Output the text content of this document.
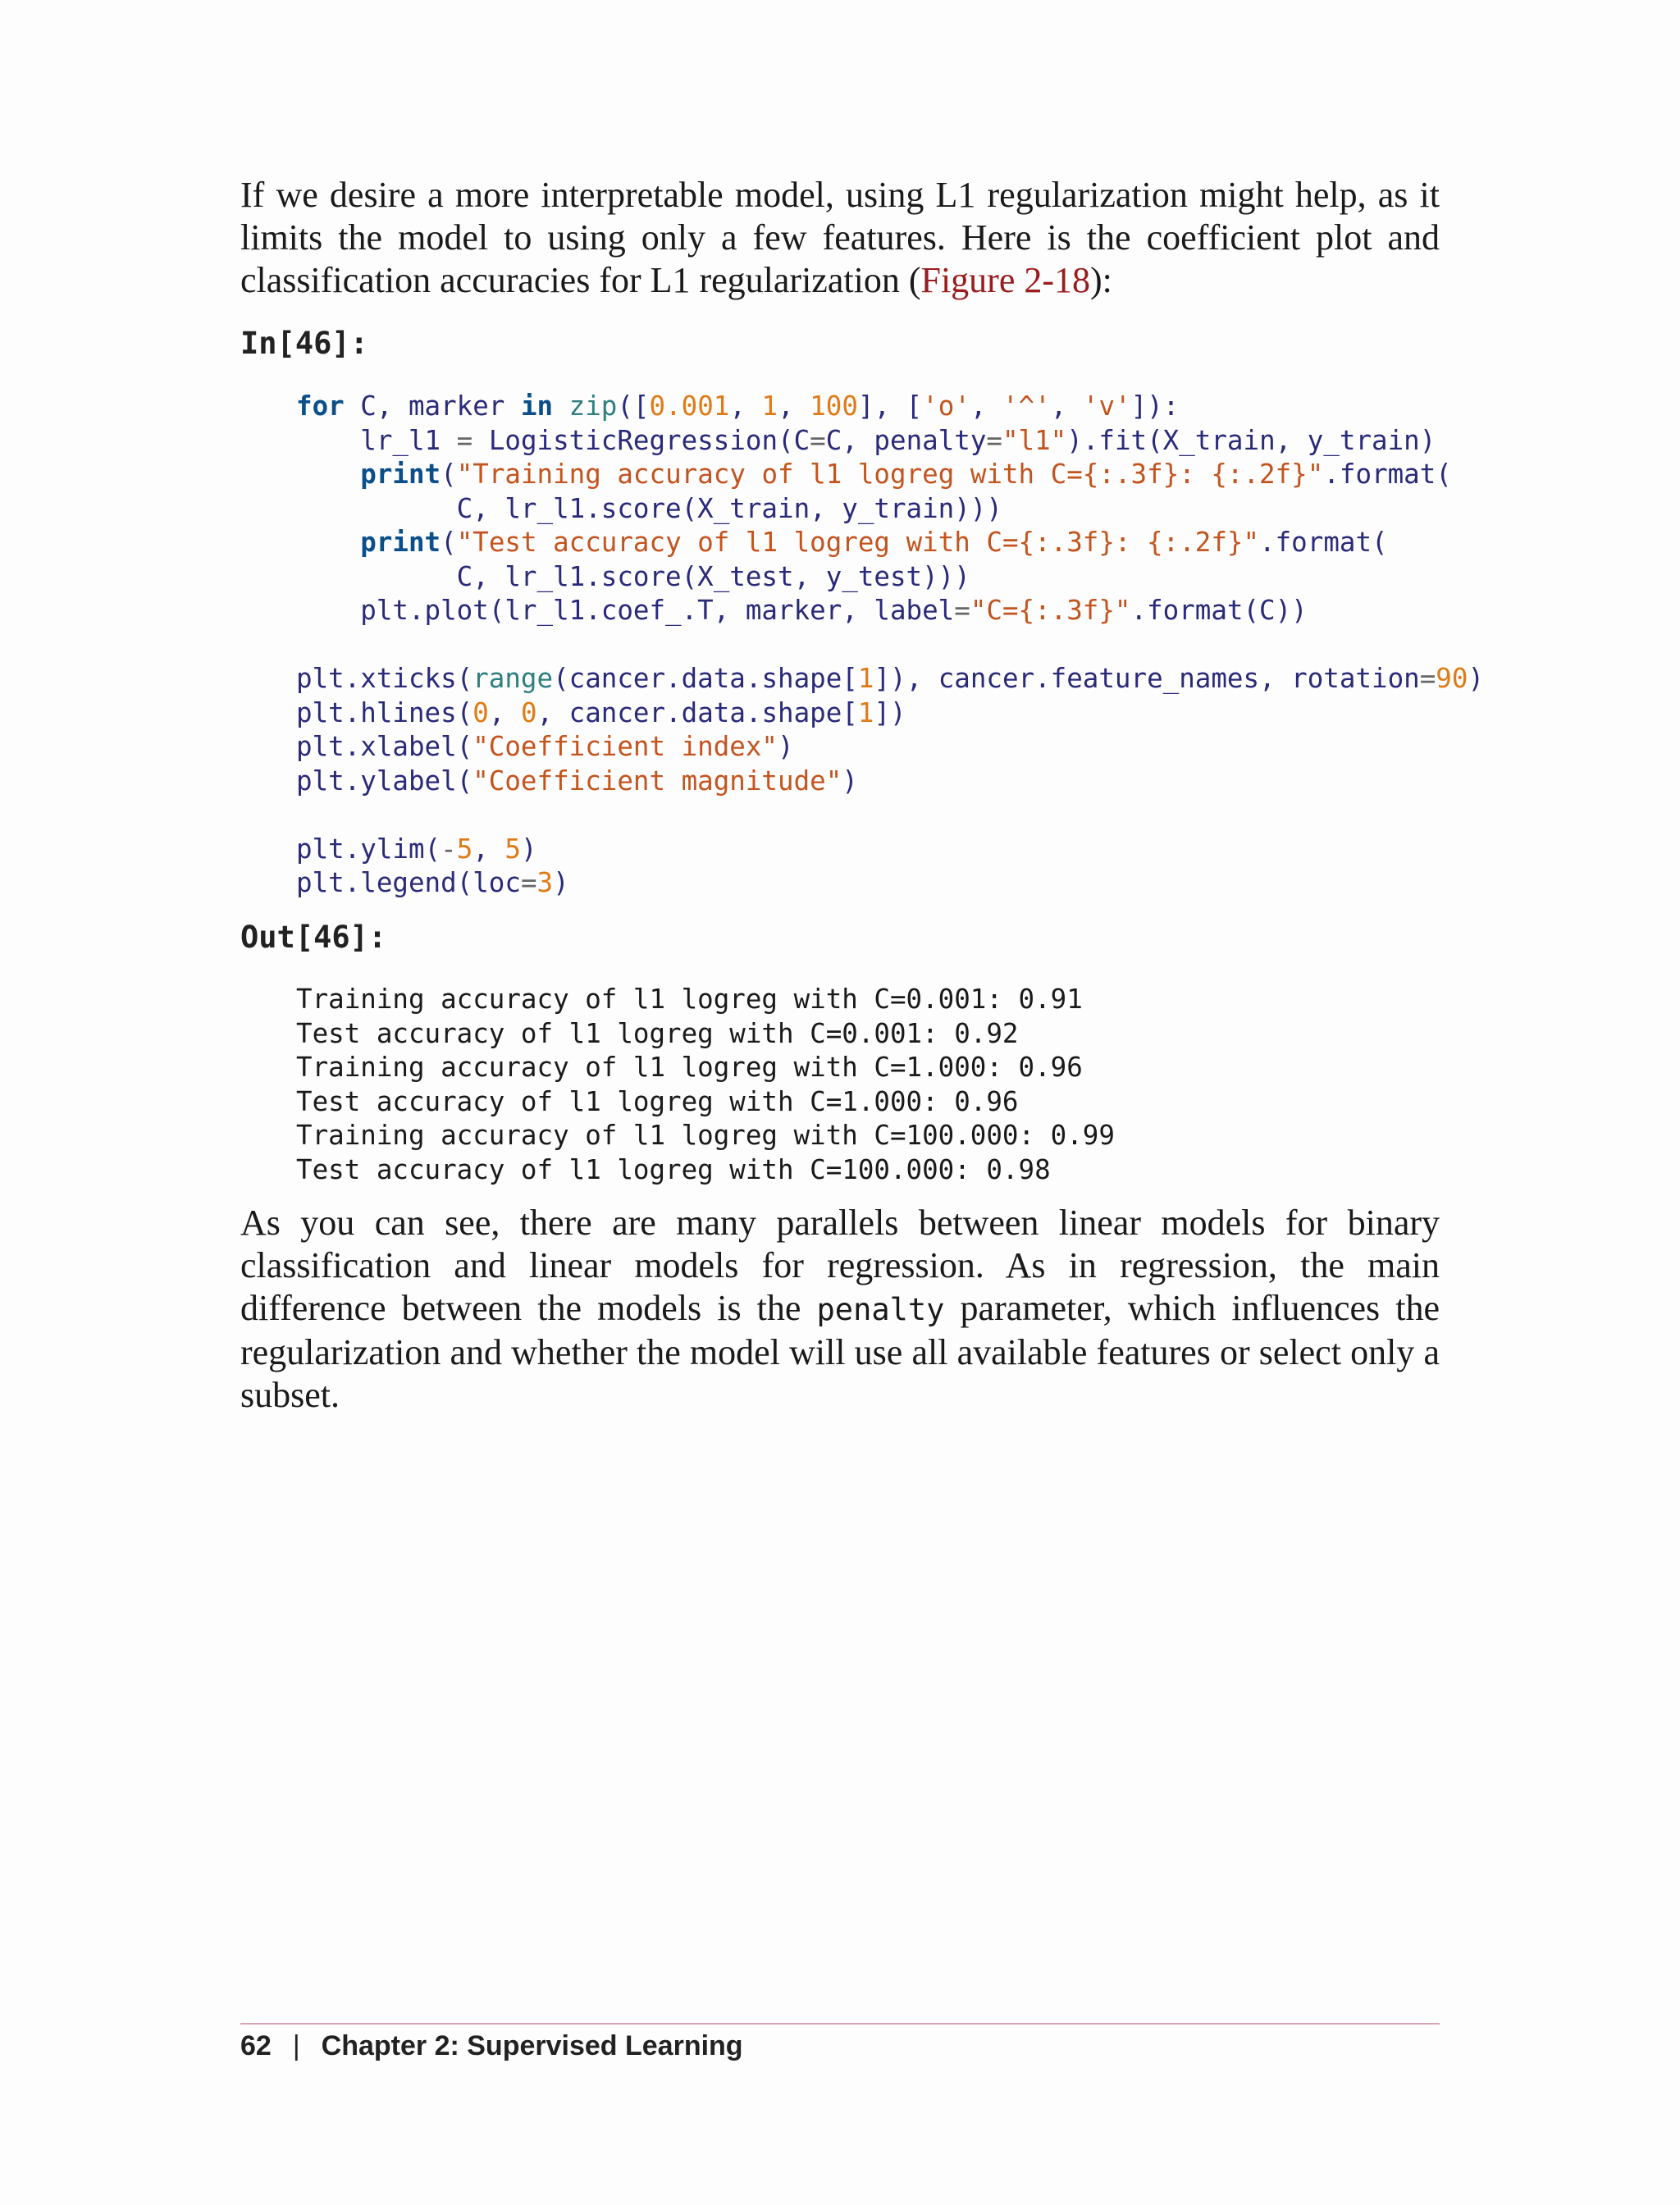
If we desire a more interpretable model, using L1 regularization might help, as it limits the model to using only a few features. Here is the coefficient plot and classification accuracies for L1 regularization (Figure 2-18):

In[46]:
for C, marker in zip([0.001, 1, 100], ['o', '^', 'v']):
lr_l1 = LogisticRegression(C=C, penalty="l1").fit(X_train, y_train)
print("Training accuracy of l1 logreg with C={:.3f}: {:.2f}".format(
C, lr_l1.score(X_train, y_train)))
print("Test accuracy of l1 logreg with C={:.3f}: {:.2f}".format(
C, lr_l1.score(X_test, y_test)))
plt.plot(lr_l1.coef_.T, marker, label="C={:.3f}".format(C))

plt.xticks(range(cancer.data.shape[1]), cancer.feature_names, rotation=90)
plt.hlines(0, 0, cancer.data.shape[1])
plt.xlabel("Coefficient index")
plt.ylabel("Coefficient magnitude")

plt.ylim(-5, 5)
plt.legend(loc=3)
Out[46]:
Training accuracy of l1 logreg with C=0.001: 0.91
Test accuracy of l1 logreg with C=0.001: 0.92
Training accuracy of l1 logreg with C=1.000: 0.96
Test accuracy of l1 logreg with C=1.000: 0.96
Training accuracy of l1 logreg with C=100.000: 0.99
Test accuracy of l1 logreg with C=100.000: 0.98

As you can see, there are many parallels between linear models for binary classification and linear models for regression. As in regression, the main difference between the models is the penalty parameter, which influences the regularization and whether the model will use all available features or select only a subset.

62 | Chapter 2: Supervised Learning
